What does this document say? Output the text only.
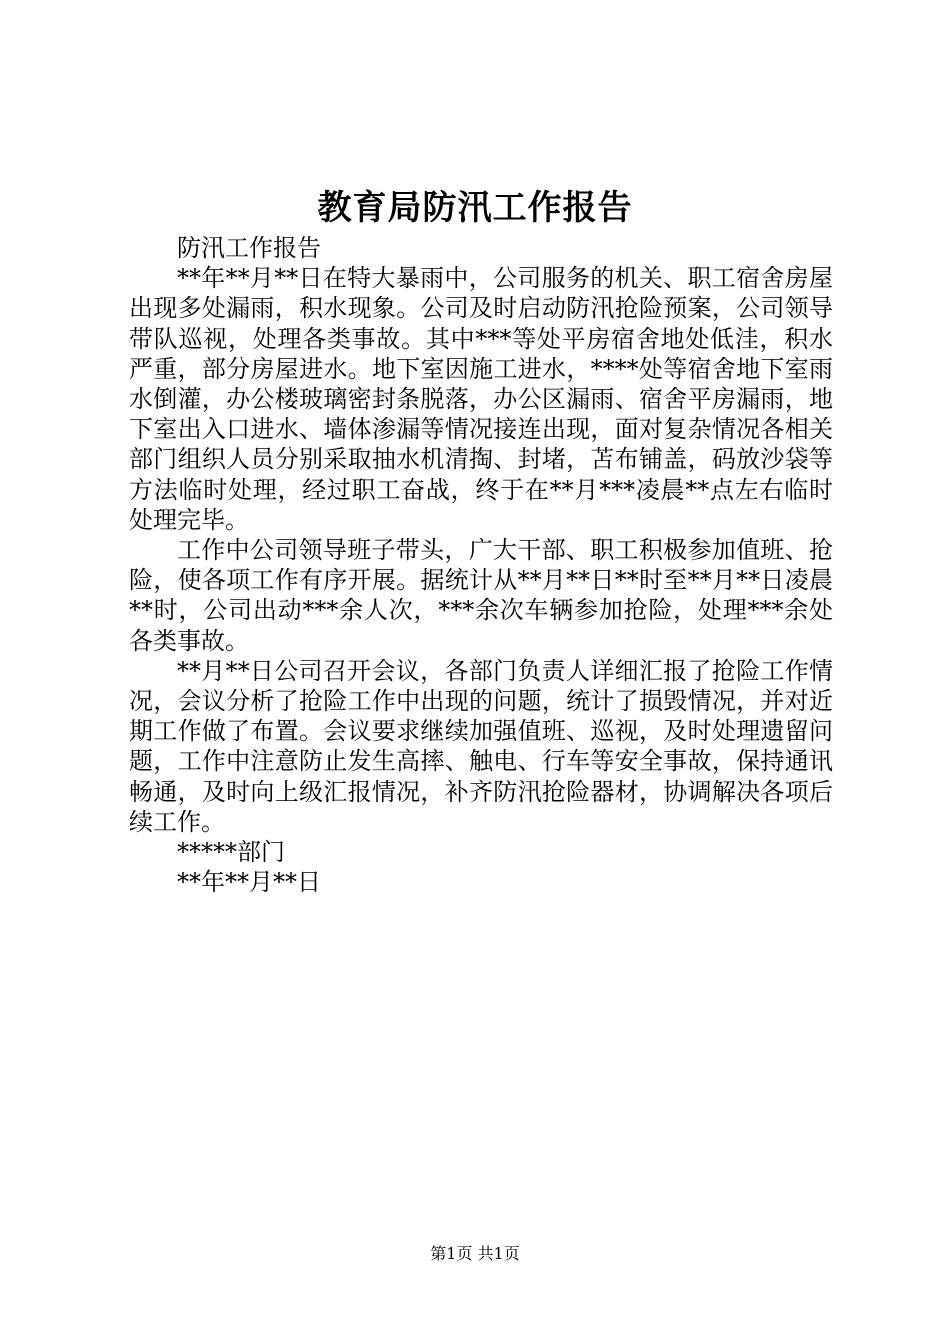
教育局防汛工作报告

防汛工作报告

**年**月**日在特大暴雨中，公司服务的机关、职工宿舍房屋出现多处漏雨，积水现象。公司及时启动防汛抢险预案，公司领导带队巡视，处理各类事故。其中***等处平房宿舍地处低洼，积水严重，部分房屋进水。地下室因施工进水，****处等宿舍地下室雨水倒灌，办公楼玻璃密封条脱落，办公区漏雨、宿舍平房漏雨，地下室出入口进水、墙体渗漏等情况接连出现，面对复杂情况各相关部门组织人员分别采取抽水机清掏、封堵，苫布铺盖，码放沙袋等方法临时处理，经过职工奋战，终于在**月***凌晨**点左右临时处理完毕。

工作中公司领导班子带头，广大干部、职工积极参加值班、抢险，使各项工作有序开展。据统计从**月**日**时至**月**日凌晨**时，公司出动***余人次，***余次车辆参加抢险，处理***余处各类事故。

**月**日公司召开会议，各部门负责人详细汇报了抢险工作情况，会议分析了抢险工作中出现的问题，统计了损毁情况，并对近期工作做了布置。会议要求继续加强值班、巡视，及时处理遗留问题，工作中注意防止发生高摔、触电、行车等安全事故，保持通讯畅通，及时向上级汇报情况，补齐防汛抢险器材，协调解决各项后续工作。

*****部门

**年**月**日

第1页 共1页
